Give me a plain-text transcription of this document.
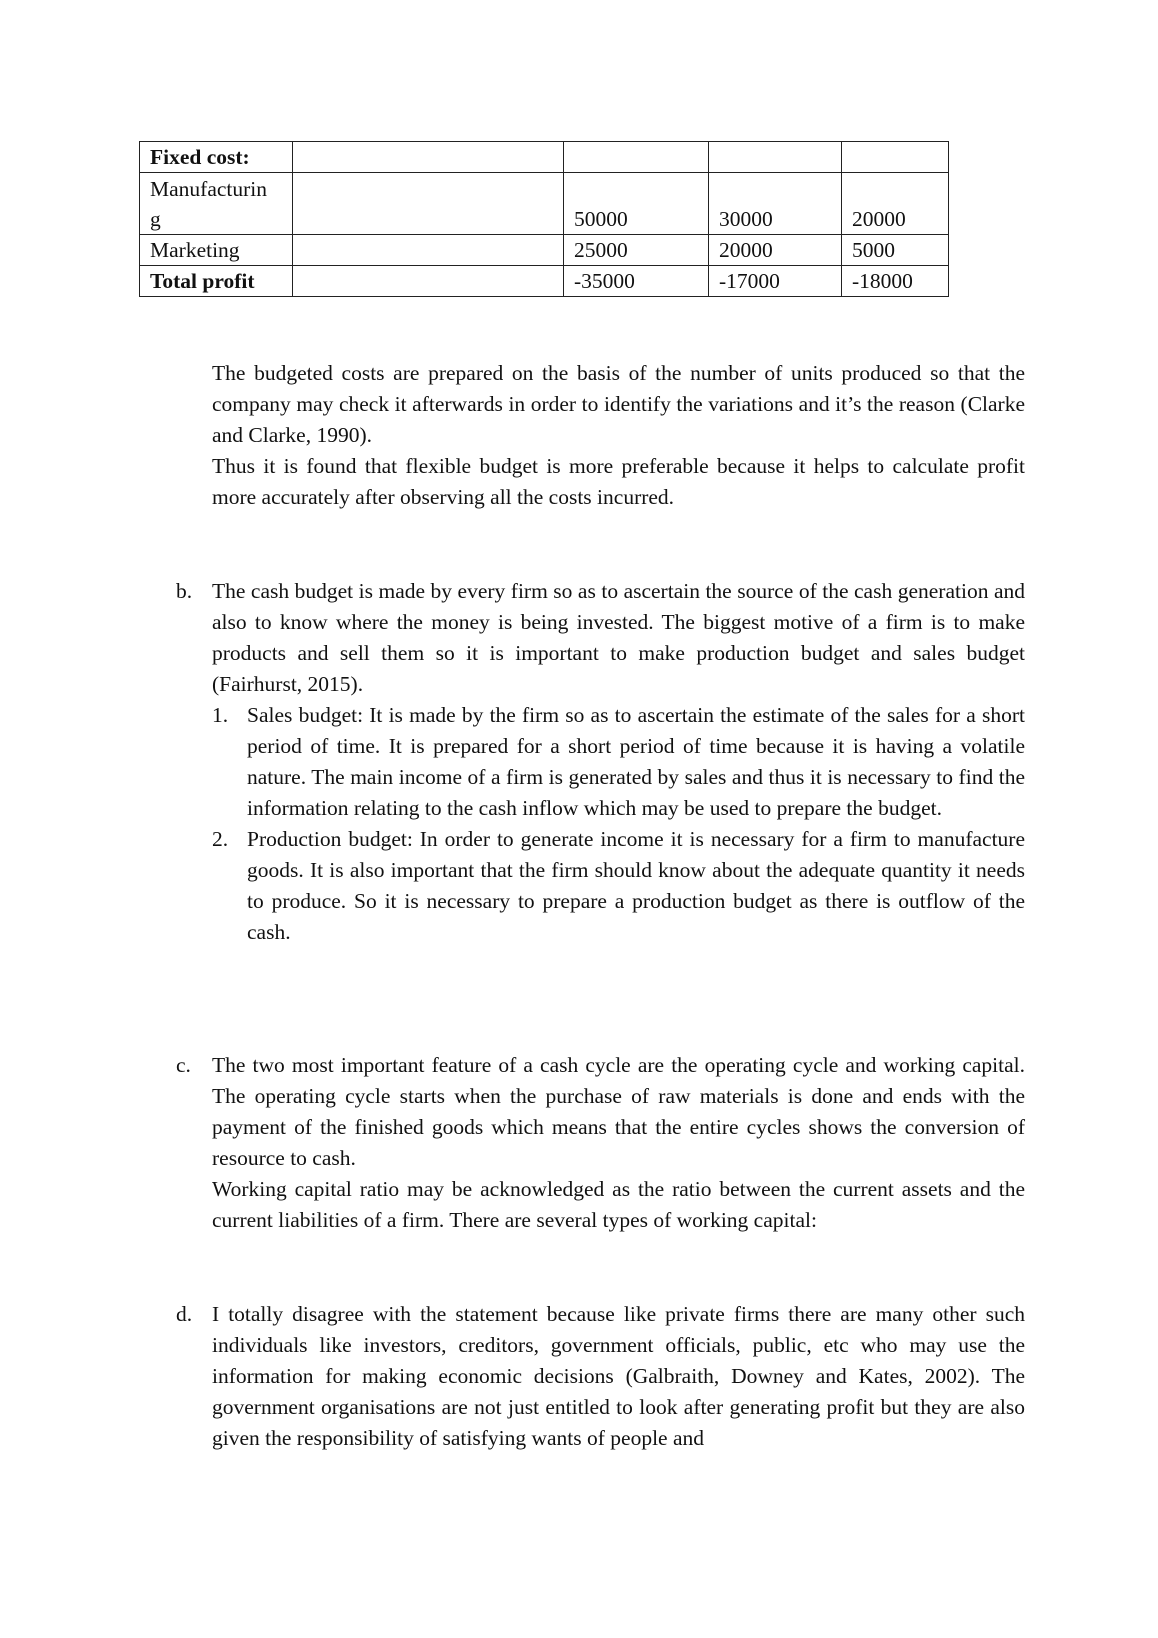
Fixed cost:				
Manufacturin g		50000	30000	20000
Marketing		25000	20000	5000
Total profit		-35000	-17000	-18000

The budgeted costs are prepared on the basis of the number of units produced so that the company may check it afterwards in order to identify the variations and it’s the reason (Clarke and Clarke, 1990).

Thus it is found that flexible budget is more preferable because it helps to calculate profit more accurately after observing all the costs incurred.

b. The cash budget is made by every firm so as to ascertain the source of the cash generation and also to know where the money is being invested. The biggest motive of a firm is to make products and sell them so it is important to make production budget and sales budget (Fairhurst, 2015).

1. Sales budget: It is made by the firm so as to ascertain the estimate of the sales for a short period of time. It is prepared for a short period of time because it is having a volatile nature. The main income of a firm is generated by sales and thus it is necessary to find the information relating to the cash inflow which may be used to prepare the budget.

2. Production budget: In order to generate income it is necessary for a firm to manufacture goods. It is also important that the firm should know about the adequate quantity it needs to produce. So it is necessary to prepare a production budget as there is outflow of the cash.

c. The two most important feature of a cash cycle are the operating cycle and working capital. The operating cycle starts when the purchase of raw materials is done and ends with the payment of the finished goods which means that the entire cycles shows the conversion of resource to cash.

Working capital ratio may be acknowledged as the ratio between the current assets and the current liabilities of a firm. There are several types of working capital:

d. I totally disagree with the statement because like private firms there are many other such individuals like investors, creditors, government officials, public, etc who may use the information for making economic decisions (Galbraith, Downey and Kates, 2002). The government organisations are not just entitled to look after generating profit but they are also given the responsibility of satisfying wants of people and
